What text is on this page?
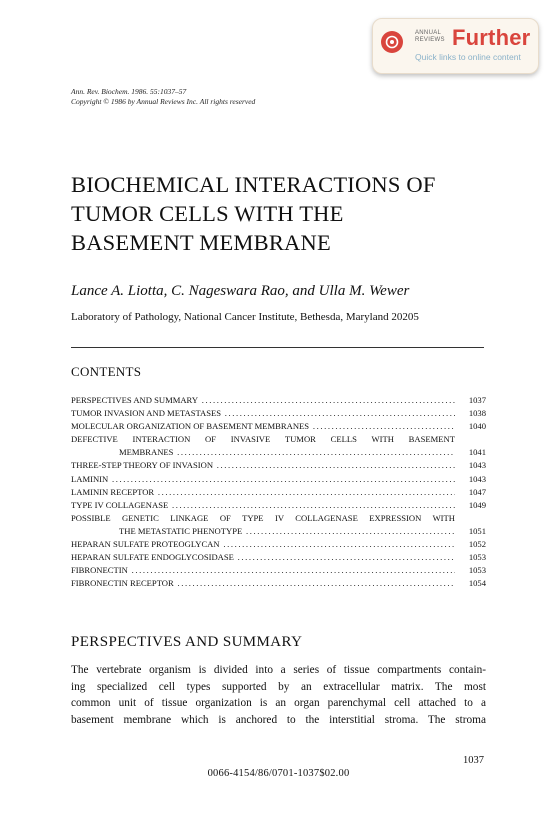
ANNUAL
REVIEWS Further
Quick links to online content
Ann. Rev. Biochem. 1986. 55:1037–57
Copyright © 1986 by Annual Reviews Inc. All rights reserved
BIOCHEMICAL INTERACTIONS OF
TUMOR CELLS WITH THE
BASEMENT MEMBRANE
Lance A. Liotta, C. Nageswara Rao, and Ulla M. Wewer
Laboratory of Pathology, National Cancer Institute, Bethesda, Maryland 20205
CONTENTS
PERSPECTIVES AND SUMMARY .....	1037
TUMOR INVASION AND METASTASES .....	1038
MOLECULAR ORGANIZATION OF BASEMENT MEMBRANES .....	1040
DEFECTIVE INTERACTION OF INVASIVE TUMOR CELLS WITH BASEMENT
MEMBRANES .....	1041
THREE-STEP THEORY OF INVASION .....	1043
LAMININ .....	1043
LAMININ RECEPTOR .....	1047
TYPE IV COLLAGENASE .....	1049
POSSIBLE GENETIC LINKAGE OF TYPE IV COLLAGENASE EXPRESSION WITH
THE METASTATIC PHENOTYPE .....	1051
HEPARAN SULFATE PROTEOGLYCAN .....	1052
HEPARAN SULFATE ENDOGLYCOSIDASE .....	1053
FIBRONECTIN .....	1053
FIBRONECTIN RECEPTOR .....	1054
PERSPECTIVES AND SUMMARY
The vertebrate organism is divided into a series of tissue compartments contain-
ing specialized cell types supported by an extracellular matrix. The most
common unit of tissue organization is an organ parenchymal cell attached to a
basement membrane which is anchored to the interstitial stroma. The stroma
1037
0066-4154/86/0701-1037$02.00
